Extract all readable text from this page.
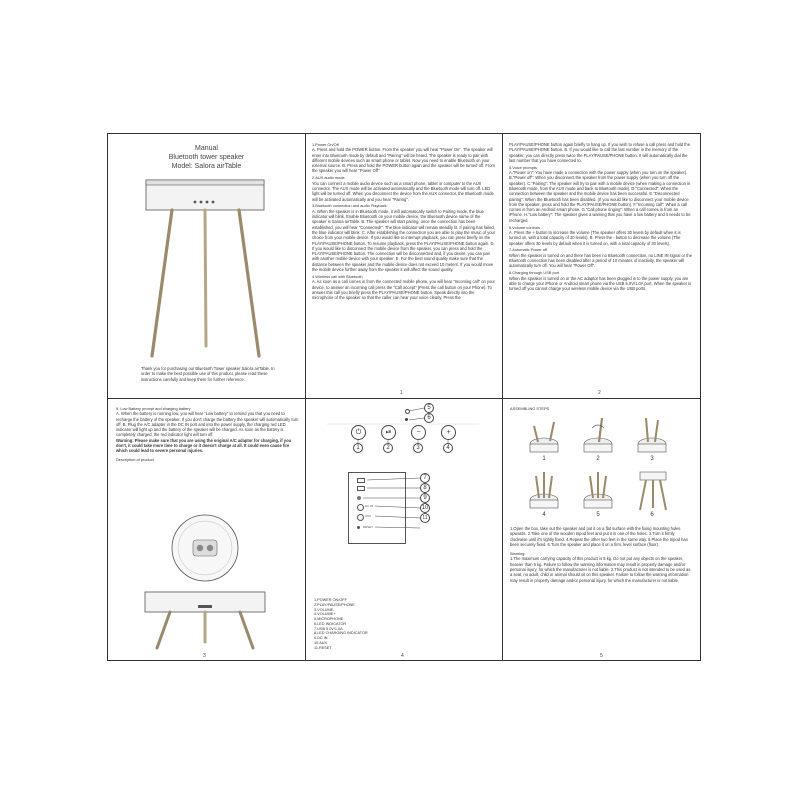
Manual
Bluetooth tower speaker
Model: Salora airTable
Thank you for purchasing our Bluetooth Tower speaker Salora airTable. In order to make the best possible use of this product, please read these instructions carefully and keep them for further reference.

1.Power On/Off
A. Press and hold the POWER button. From the speaker you will hear "Power On". The speaker will enter into Bluetooth mode by default and "Pairing" will be heard. The speaker is ready to pair with different mobile devices such as smart phone or tablet. Now you need to enable Bluetooth on your external source. B. Press and hold the POWER button again and the speaker will be turned off. From the speaker you will hear "Power Off".

2.AUX audio mode
You can connect a mobile audio device such as a smart phone, tablet or computer to the AUX connector. The AUX mode will be activated automatically and the Bluetooth mode will turn off. LED light will be turned off. When you disconnect the device from the AUX connector, the Bluetooth mode will be activated automatically and you hear "Pairing".

3.Bluetooth connection and audio Playback
A. When the speaker is in Bluetooth mode, it will automatically switch to Pairing mode, the blue indicator will blink. Enable Bluetooth on your mobile device, the Bluetooth device name of the speaker is Salora airTable. B. The speaker will start pairing, once the connection has been established, you will hear "Connected!". The blue indicator will remain steadily lit. If pairing has failed, the blue indicator will blink. C. After establishing the connection you are able to play the music of your choice from your mobile device. If you would like to interrupt playback, you can press briefly on the PLAY/PAUSE/PHONE button. To resume playback, press the PLAY/PAUSE/PHONE button again. D. If you would like to disconnect the mobile device from the speaker, you can press and hold the PLAY/PAUSE/PHONE button. The connection will be disconnected and, if you desire, you can pair with another mobile device with your speaker. E. For the best sound quality make sure that the distance between the speaker and the mobile device does not exceed 10 meters. If you would move the mobile device further away from the speaker it will affect the sound quality.

4.Wireless call with Bluetooth
A. As soon as a call comes in from the connected mobile phone, you will hear "Incoming call" on your device, to answer an incoming call press the "Call accept" (Press the call button on your Phone). To answer this call you briefly press the PLAY/PAUSE/PHONE button. Speak directly into the microphone of the speaker so that the caller can hear your voice clearly. Press the

1

PLAY/PAUSE/PHONE button again briefly to hang up. If you wish to refuse a call press and hold the PLAY/PAUSE/PHONE button. B. If you would like to call the last number in the memory of the speaker, you can directly press twice the PLAY/PAUSE/PHONE button. It will automatically dial the last number that you have connected to.

5.Voice prompts
A."Power on": You have made a connection with the power supply (when you turn on the speaker). B."Power off": When you disconnect the speaker from the power supply (when you turn off the speaker). C."Pairing": The speaker will try to pair with a mobile device (when making a connection in Bluetooth mode, from the AUX mode and back to Bluetooth mode). D."Connected": When the connection between the speaker and the mobile device has been successful. E."Disconnected pairing": When the Bluetooth has been disabled. (If you would like to disconnect your mobile device from the speaker, press and hold the PLAY/PAUSE/PHONE button). F."Incoming call": When a call comes in from an Android smart phone. G."Call phone ringing": When a call comes in from an iPhone. H."Low battery": The speaker gives a warning that you have a low battery and it needs to be recharged.

6.Volume controls
A. Press the + button to increase the volume (The speaker offers 30 levels by default when it is turned on, with a total capacity of 30 levels). B. Press the - button to decrease the volume (The speaker offers 30 levels by default when it is turned on, with a total capacity of 30 levels).

7.Automatic Power off
When the speaker is turned on and there has been no Bluetooth connection, no LINE IN signal or the Bluetooth connection has been disabled after a period of 10 minutes of inactivity, the speaker will automatically turn off. You will hear "Power Off".

8.Charging through USB port
When the speaker is turned on or the AC adaptor has been plugged in to the power supply, you are able to charge your iPhone or Android smart phone via the USB 5.0V/1.0A port. When the speaker is turned off you cannot charge your wireless mobile device via the USB ports.

2

9. Low Battery prompt and charging battery
A. When the battery is running low, you will hear "Low battery" to remind you that you need to recharge the battery of the speaker. If you don't charge the battery the speaker will automatically turn off. B. Plug the A/C adapter in the DC IN port and into the power supply, the charging red LED indicator will light up and the battery of the speaker will be charged. As soon as the battery is completely charged, the red indicator light will turn off.
Warning: Please make sure that you are using the original A/C adaptor for charging, if you don't, it could take more time to charge or it doesn't charge at all. It could even cause fire which could lead to severe personal injuries.

Description of product

3
⏻	⏯	−	+
5
6
1	2	3	4
DC IN
AUX
RESET
7
8
9
10
11
1.POWER ON/OFF
2.PLAY/PAUSE/PHONE
3.VOLUME-
4.VOLUME+
5.MICROPHONE
6.LED INDICATOR
7.USB 5.0V/1.0A
8.LED CHARGING INDICATOR
9.DC IN
10.AUX
11.RESET
4
ASSEMBLING STEPS
1	2	3
4	5	6

1.Open the box, take out the speaker and put it on a flat surface with the fixing mounting holes upwards. 2.Take one of the wooden tripod feet and put it in one of the holes. 3.Turn it firmly clockwise until it's tightly fixed. 4.Repeat the other two feet in the same way. 5.Place the tripod has been securely fixed. 6.Turn the speaker and place it on a firm, level surface (floor).

Warning:
1.The maximum carrying capacity of this product is 5 kg. Do not put any objects on the speaker, heavier than 5 kg. Failure to follow the warning information may result in property damage and/or personal injury, for which the manufacturer is not liable. 2.This product is not intended to be used as a seat, no adult, child or animal should sit on this speaker. Failure to follow the warning information may result in property damage and/or personal injury, for which the manufacturer is not liable.

5
